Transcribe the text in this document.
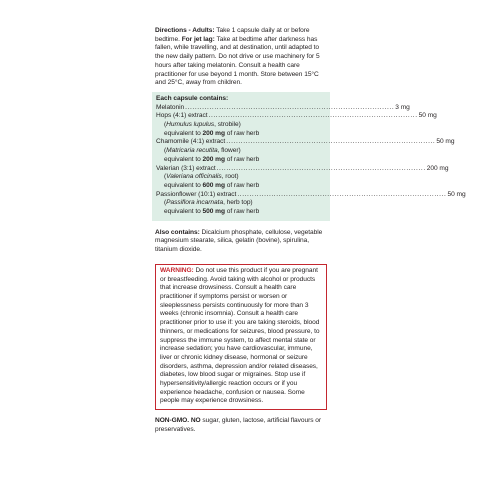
Directions - Adults: Take 1 capsule daily at or before bedtime. For jet lag: Take at bedtime after darkness has fallen, while travelling, and at destination, until adapted to the new daily pattern. Do not drive or use machinery for 5 hours after taking melatonin. Consult a health care practitioner for use beyond 1 month. Store between 15°C and 25°C, away from children.

Each capsule contains:

Melatonin ...................................................................................... 3 mg
Hops (4:1) extract ...................................................................................... 50 mg
(Humulus lupulus, strobile)
equivalent to 200 mg of raw herb
Chamomile (4:1) extract ...................................................................................... 50 mg
(Matricaria recutita, flower)
equivalent to 200 mg of raw herb
Valerian (3:1) extract ...................................................................................... 200 mg
(Valeriana officinalis, root)
equivalent to 600 mg of raw herb
Passionflower (10:1) extract ...................................................................................... 50 mg
(Passiflora incarnata, herb top)
equivalent to 500 mg of raw herb

Also contains: Dicalcium phosphate, cellulose, vegetable magnesium stearate, silica, gelatin (bovine), spirulina, titanium dioxide.

WARNING: Do not use this product if you are pregnant or breastfeeding. Avoid taking with alcohol or products that increase drowsiness. Consult a health care practitioner if symptoms persist or worsen or sleeplessness persists continuously for more than 3 weeks (chronic insomnia). Consult a health care practitioner prior to use if: you are taking steroids, blood thinners, or medications for seizures, blood pressure, to suppress the immune system, to affect mental state or increase sedation; you have cardiovascular, immune, liver or chronic kidney disease, hormonal or seizure disorders, asthma, depression and/or related diseases, diabetes, low blood sugar or migraines. Stop use if hypersensitivity/allergic reaction occurs or if you experience headache, confusion or nausea. Some people may experience drowsiness.

NON-GMO. NO sugar, gluten, lactose, artificial flavours or preservatives.
